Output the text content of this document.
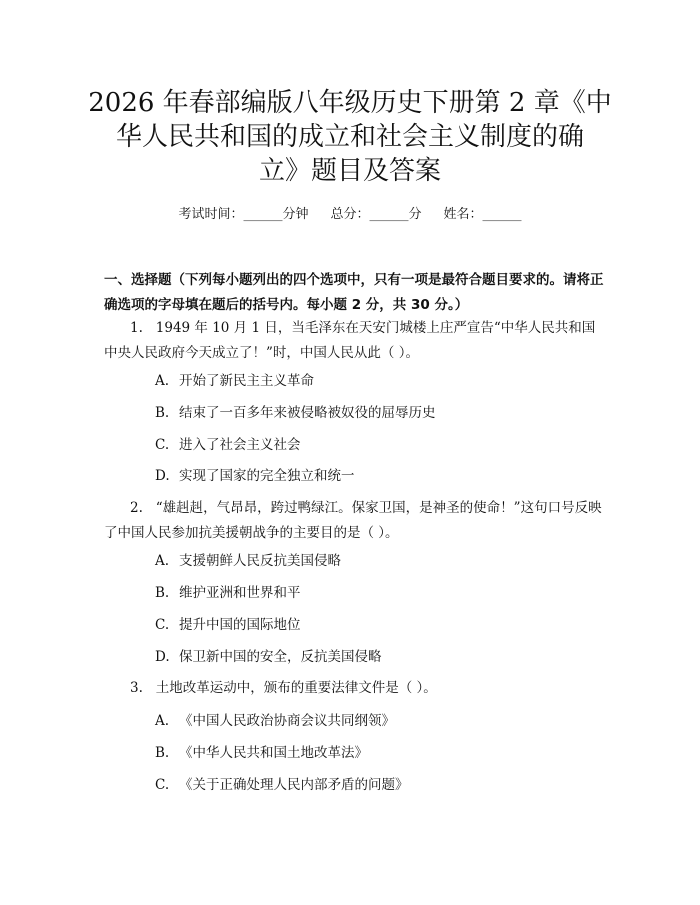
2026 年春部编版八年级历史下册第 2 章《中
华人民共和国的成立和社会主义制度的确
立》题目及答案
考试时间：______分钟 总分：______分 姓名：______
一、选择题（下列每小题列出的四个选项中，只有一项是最符合题目要求的。请将正确选项的字母填在题后的括号内。每小题 2 分，共 30 分。）
1. 1949 年 10 月 1 日，当毛泽东在天安门城楼上庄严宣告“中华人民共和国中央人民政府今天成立了！”时，中国人民从此（ ）。
A. 开始了新民主主义革命
B. 结束了一百多年来被侵略被奴役的屈辱历史
C. 进入了社会主义社会
D. 实现了国家的完全独立和统一
2. “雄赳赳，气昂昂，跨过鸭绿江。保家卫国，是神圣的使命！”这句口号反映了中国人民参加抗美援朝战争的主要目的是（ ）。
A. 支援朝鲜人民反抗美国侵略
B. 维护亚洲和世界和平
C. 提升中国的国际地位
D. 保卫新中国的安全，反抗美国侵略
3. 土地改革运动中，颁布的重要法律文件是（ ）。
A. 《中国人民政治协商会议共同纲领》
B. 《中华人民共和国土地改革法》
C. 《关于正确处理人民内部矛盾的问题》
